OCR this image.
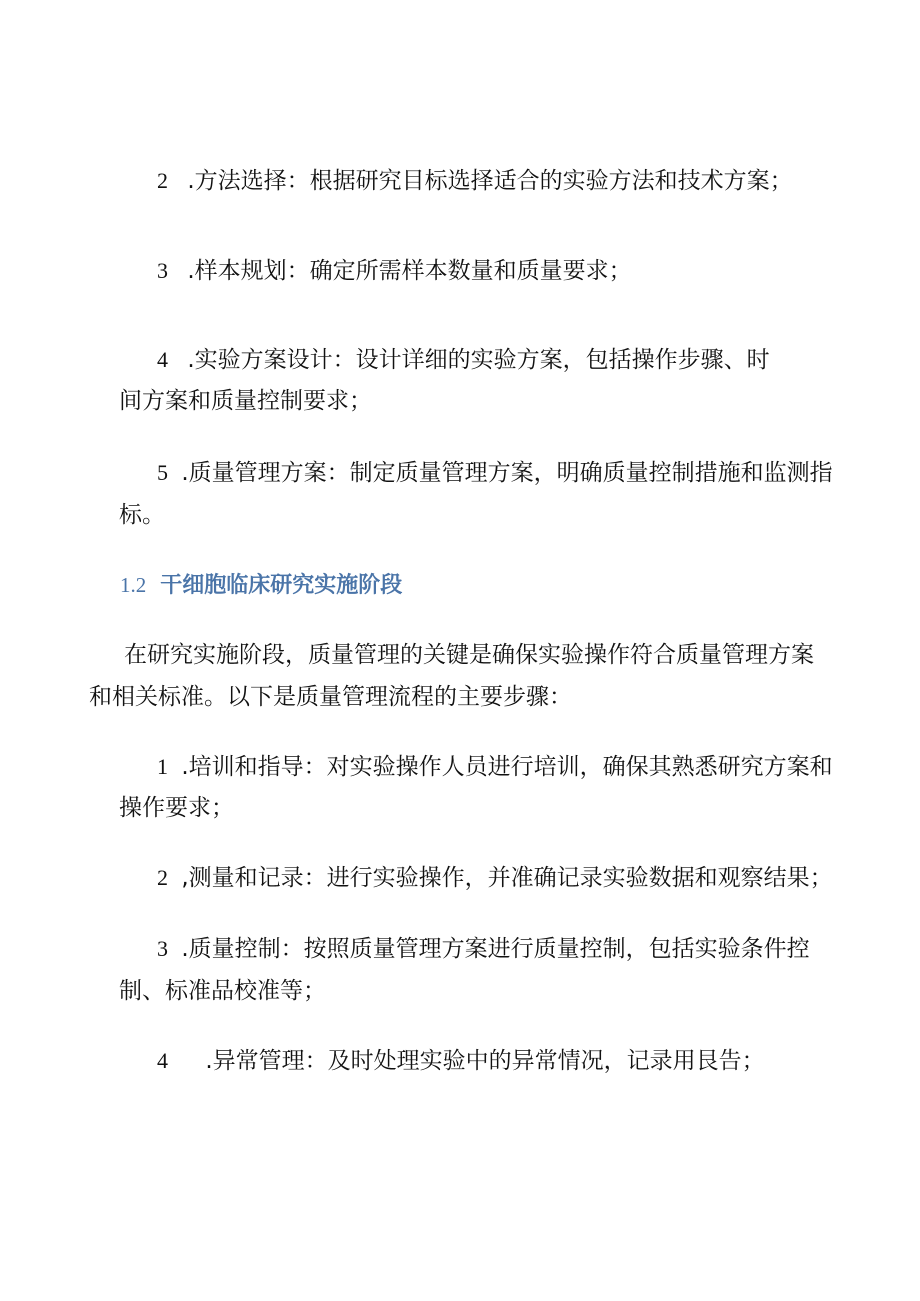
2 .方法选择：根据研究目标选择适合的实验方法和技术方案；
3 .样本规划：确定所需样本数量和质量要求；
4 .实验方案设计：设计详细的实验方案，包括操作步骤、时
间方案和质量控制要求；
5 .质量管理方案：制定质量管理方案，明确质量控制措施和监测指
标。
1.2 干细胞临床研究实施阶段
在研究实施阶段，质量管理的关键是确保实验操作符合质量管理方案
和相关标准。以下是质量管理流程的主要步骤：
1 .培训和指导：对实验操作人员进行培训，确保其熟悉研究方案和
操作要求；
2 ,测量和记录：进行实验操作，并准确记录实验数据和观察结果；
3 .质量控制：按照质量管理方案进行质量控制，包括实验条件控
制、标准品校准等；
4 .异常管理：及时处理实验中的异常情况，记录用艮告；
